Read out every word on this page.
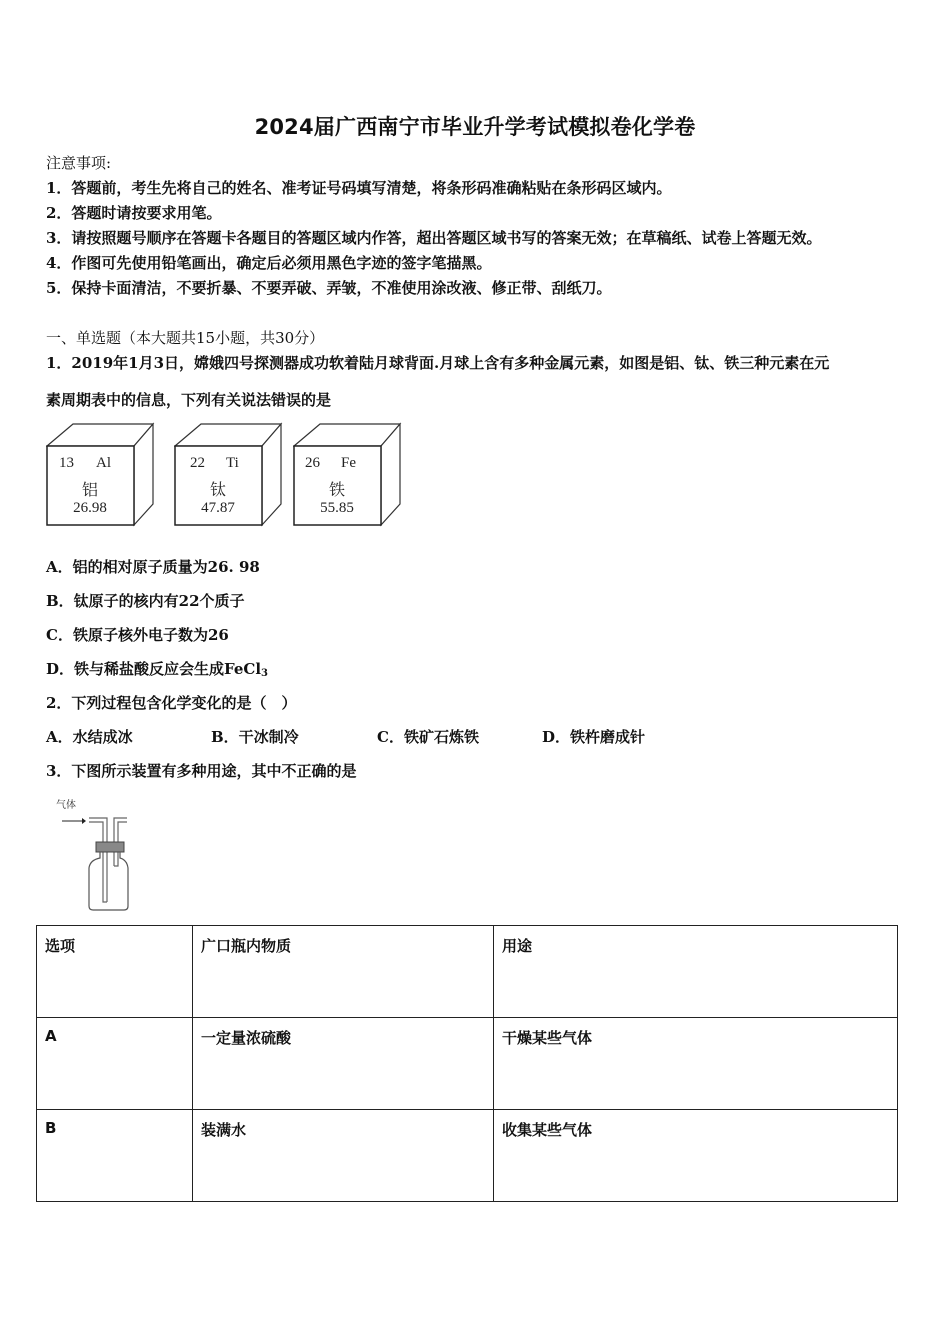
2024届广西南宁市毕业升学考试模拟卷化学卷
注意事项:
1．答题前，考生先将自己的姓名、准考证号码填写清楚，将条形码准确粘贴在条形码区域内。
2．答题时请按要求用笔。
3．请按照题号顺序在答题卡各题目的答题区域内作答，超出答题区域书写的答案无效；在草稿纸、试卷上答题无效。
4．作图可先使用铅笔画出，确定后必须用黑色字迹的签字笔描黑。
5．保持卡面清洁，不要折暴、不要弄破、弄皱，不准使用涂改液、修正带、刮纸刀。
一、单选题（本大题共15小题，共30分）
1．2019年1月3日，嫦娥四号探测器成功软着陆月球背面.月球上含有多种金属元素，如图是铝、钛、铁三种元素在元
素周期表中的信息，下列有关说法错误的是
13 Al
铝
26.98
22 Ti
钛
47.87
26 Fe
铁
55.85
A．铝的相对原子质量为26. 98
B．钛原子的核内有22个质子
C．铁原子核外电子数为26
D．铁与稀盐酸反应会生成FeCl$_3$
2．下列过程包含化学变化的是（　）
A．水结成冰	B．干冰制冷	C．铁矿石炼铁	D．铁杵磨成针
3．下图所示装置有多种用途，其中不正确的是
气体
选项	广口瓶内物质	用途
A	一定量浓硫酸	干燥某些气体
B	装满水	收集某些气体
